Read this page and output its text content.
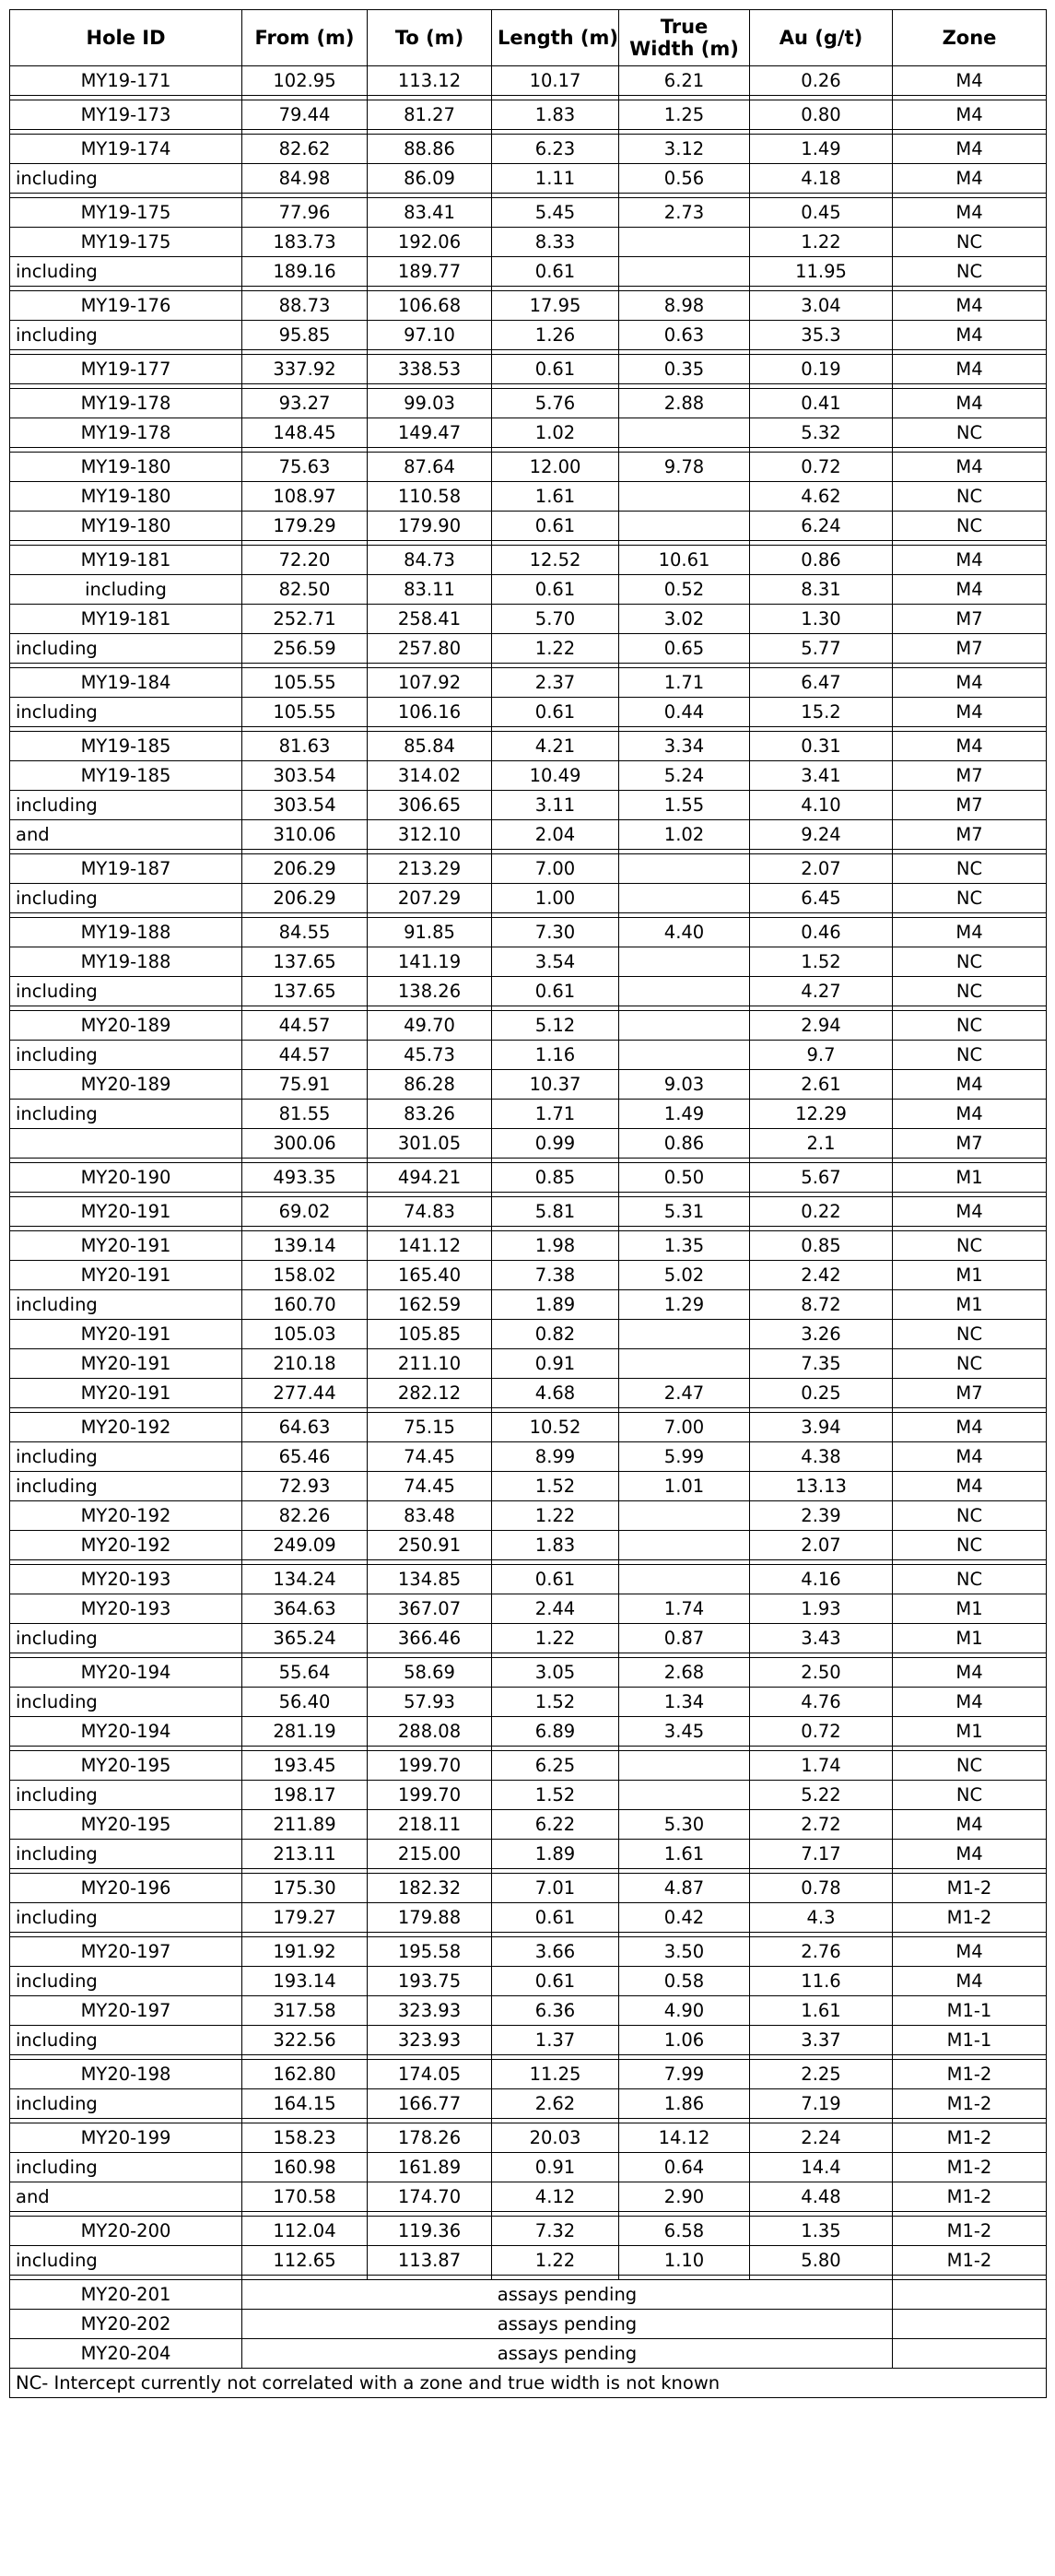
Hole ID	From (m)	To (m)	Length (m)	True Width (m)	Au (g/t)	Zone
MY19-171	102.95	113.12	10.17	6.21	0.26	M4

MY19-173	79.44	81.27	1.83	1.25	0.80	M4

MY19-174	82.62	88.86	6.23	3.12	1.49	M4
including	84.98	86.09	1.11	0.56	4.18	M4

MY19-175	77.96	83.41	5.45	2.73	0.45	M4
MY19-175	183.73	192.06	8.33		1.22	NC
including	189.16	189.77	0.61		11.95	NC

MY19-176	88.73	106.68	17.95	8.98	3.04	M4
including	95.85	97.10	1.26	0.63	35.3	M4

MY19-177	337.92	338.53	0.61	0.35	0.19	M4

MY19-178	93.27	99.03	5.76	2.88	0.41	M4
MY19-178	148.45	149.47	1.02		5.32	NC

MY19-180	75.63	87.64	12.00	9.78	0.72	M4
MY19-180	108.97	110.58	1.61		4.62	NC
MY19-180	179.29	179.90	0.61		6.24	NC

MY19-181	72.20	84.73	12.52	10.61	0.86	M4
including	82.50	83.11	0.61	0.52	8.31	M4
MY19-181	252.71	258.41	5.70	3.02	1.30	M7
including	256.59	257.80	1.22	0.65	5.77	M7

MY19-184	105.55	107.92	2.37	1.71	6.47	M4
including	105.55	106.16	0.61	0.44	15.2	M4

MY19-185	81.63	85.84	4.21	3.34	0.31	M4
MY19-185	303.54	314.02	10.49	5.24	3.41	M7
including	303.54	306.65	3.11	1.55	4.10	M7
and	310.06	312.10	2.04	1.02	9.24	M7

MY19-187	206.29	213.29	7.00		2.07	NC
including	206.29	207.29	1.00		6.45	NC

MY19-188	84.55	91.85	7.30	4.40	0.46	M4
MY19-188	137.65	141.19	3.54		1.52	NC
including	137.65	138.26	0.61		4.27	NC

MY20-189	44.57	49.70	5.12		2.94	NC
including	44.57	45.73	1.16		9.7	NC
MY20-189	75.91	86.28	10.37	9.03	2.61	M4
including	81.55	83.26	1.71	1.49	12.29	M4
	300.06	301.05	0.99	0.86	2.1	M7

MY20-190	493.35	494.21	0.85	0.50	5.67	M1

MY20-191	69.02	74.83	5.81	5.31	0.22	M4

MY20-191	139.14	141.12	1.98	1.35	0.85	NC
MY20-191	158.02	165.40	7.38	5.02	2.42	M1
including	160.70	162.59	1.89	1.29	8.72	M1
MY20-191	105.03	105.85	0.82		3.26	NC
MY20-191	210.18	211.10	0.91		7.35	NC
MY20-191	277.44	282.12	4.68	2.47	0.25	M7

MY20-192	64.63	75.15	10.52	7.00	3.94	M4
including	65.46	74.45	8.99	5.99	4.38	M4
including	72.93	74.45	1.52	1.01	13.13	M4
MY20-192	82.26	83.48	1.22		2.39	NC
MY20-192	249.09	250.91	1.83		2.07	NC

MY20-193	134.24	134.85	0.61		4.16	NC
MY20-193	364.63	367.07	2.44	1.74	1.93	M1
including	365.24	366.46	1.22	0.87	3.43	M1

MY20-194	55.64	58.69	3.05	2.68	2.50	M4
including	56.40	57.93	1.52	1.34	4.76	M4
MY20-194	281.19	288.08	6.89	3.45	0.72	M1

MY20-195	193.45	199.70	6.25		1.74	NC
including	198.17	199.70	1.52		5.22	NC
MY20-195	211.89	218.11	6.22	5.30	2.72	M4
including	213.11	215.00	1.89	1.61	7.17	M4

MY20-196	175.30	182.32	7.01	4.87	0.78	M1-2
including	179.27	179.88	0.61	0.42	4.3	M1-2

MY20-197	191.92	195.58	3.66	3.50	2.76	M4
including	193.14	193.75	0.61	0.58	11.6	M4
MY20-197	317.58	323.93	6.36	4.90	1.61	M1-1
including	322.56	323.93	1.37	1.06	3.37	M1-1

MY20-198	162.80	174.05	11.25	7.99	2.25	M1-2
including	164.15	166.77	2.62	1.86	7.19	M1-2

MY20-199	158.23	178.26	20.03	14.12	2.24	M1-2
including	160.98	161.89	0.91	0.64	14.4	M1-2
and	170.58	174.70	4.12	2.90	4.48	M1-2

MY20-200	112.04	119.36	7.32	6.58	1.35	M1-2
including	112.65	113.87	1.22	1.10	5.80	M1-2

MY20-201	assays pending					
MY20-202	assays pending					
MY20-204	assays pending					
NC- Intercept currently not correlated with a zone and true width is not known						
